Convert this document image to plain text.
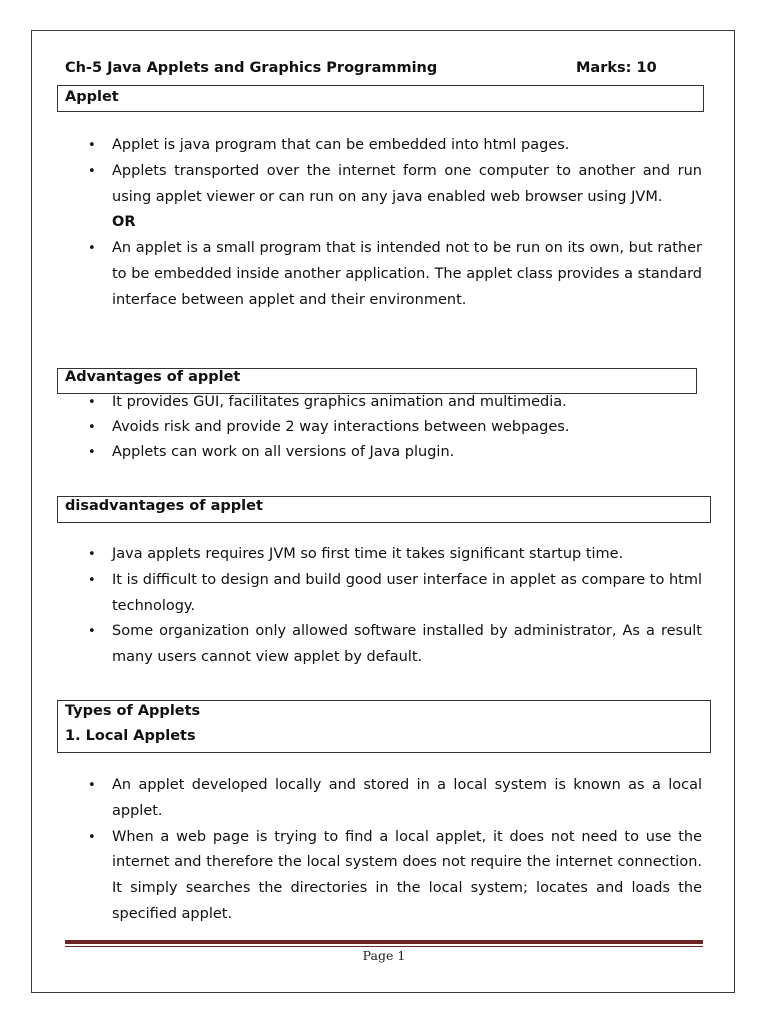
Ch-5 Java Applets and Graphics Programming	Marks: 10
Applet
• Applet is java program that can be embedded into html pages.
• Applets transported over the internet form one computer to another and run using applet viewer or can run on any java enabled web browser using JVM.
OR
• An applet is a small program that is intended not to be run on its own, but rather to be embedded inside another application. The applet class provides a standard interface between applet and their environment.
Advantages of applet
• It provides GUI, facilitates graphics animation and multimedia.
• Avoids risk and provide 2 way interactions between webpages.
• Applets can work on all versions of Java plugin.
disadvantages of applet
• Java applets requires JVM so first time it takes significant startup time.
• It is difficult to design and build good user interface in applet as compare to html technology.
• Some organization only allowed software installed by administrator, As a result many users cannot view applet by default.
Types of Applets
1. Local Applets
• An applet developed locally and stored in a local system is known as a local applet.
• When a web page is trying to find a local applet, it does not need to use the internet and therefore the local system does not require the internet connection. It simply searches the directories in the local system; locates and loads the specified applet.
Page 1
